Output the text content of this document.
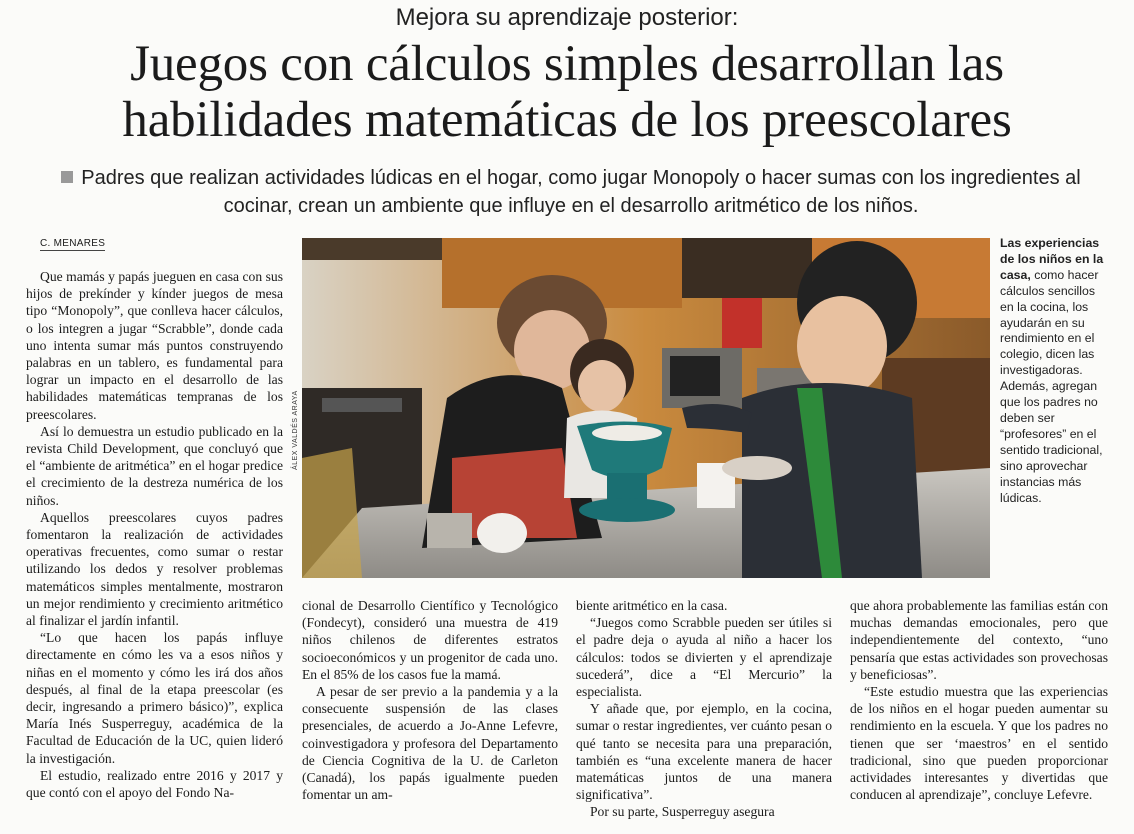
Mejora su aprendizaje posterior:
Juegos con cálculos simples desarrollan las
habilidades matemáticas de los preescolares
Padres que realizan actividades lúdicas en el hogar, como jugar Monopoly o hacer sumas con los ingredientes al cocinar, crean un ambiente que influye en el desarrollo aritmético de los niños.
C. MENARES

Que mamás y papás jueguen en casa con sus hijos de prekínder y kínder juegos de mesa tipo “Monopoly”, que conlleva hacer cálculos, o los integren a jugar “Scrabble”, donde cada uno intenta sumar más puntos construyendo palabras en un tablero, es fundamental para lograr un impacto en el desarrollo de las habilidades matemáticas tempranas de los preescolares.

Así lo demuestra un estudio publicado en la revista Child Development, que concluyó que el “ambiente de aritmética” en el hogar predice el crecimiento de la destreza numérica de los niños.

Aquellos preescolares cuyos padres fomentaron la realización de actividades operativas frecuentes, como sumar o restar utilizando los dedos y resolver problemas matemáticos simples mentalmente, mostraron un mejor rendimiento y crecimiento aritmético al finalizar el jardín infantil.

“Lo que hacen los papás influye directamente en cómo les va a esos niños y niñas en el momento y cómo les irá dos años después, al final de la etapa preescolar (es decir, ingresando a primero básico)”, explica María Inés Susperreguy, académica de la Facultad de Educación de la UC, quien lideró la investigación.

El estudio, realizado entre 2016 y 2017 y que contó con el apoyo del Fondo Na-

ÁLEX VALDÉS ARAYA
Las experiencias de los niños en la casa, como hacer cálculos sencillos en la cocina, los ayudarán en su rendimiento en el colegio, dicen las investigadoras. Además, agregan que los padres no deben ser “profesores” en el sentido tradicional, sino aprovechar instancias más lúdicas.

cional de Desarrollo Científico y Tecnológico (Fondecyt), consideró una muestra de 419 niños chilenos de diferentes estratos socioeconómicos y un progenitor de cada uno. En el 85% de los casos fue la mamá.

A pesar de ser previo a la pandemia y a la consecuente suspensión de las clases presenciales, de acuerdo a Jo-Anne Lefevre, coinvestigadora y profesora del Departamento de Ciencia Cognitiva de la U. de Carleton (Canadá), los papás igualmente pueden fomentar un am-

biente aritmético en la casa.

“Juegos como Scrabble pueden ser útiles si el padre deja o ayuda al niño a hacer los cálculos: todos se divierten y el aprendizaje sucederá”, dice a “El Mercurio” la especialista.

Y añade que, por ejemplo, en la cocina, sumar o restar ingredientes, ver cuánto pesan o qué tanto se necesita para una preparación, también es “una excelente manera de hacer matemáticas juntos de una manera significativa”.

Por su parte, Susperreguy asegura

que ahora probablemente las familias están con muchas demandas emocionales, pero que independientemente del contexto, “uno pensaría que estas actividades son provechosas y beneficiosas”.

“Este estudio muestra que las experiencias de los niños en el hogar pueden aumentar su rendimiento en la escuela. Y que los padres no tienen que ser ‘maestros’ en el sentido tradicional, sino que pueden proporcionar actividades interesantes y divertidas que conducen al aprendizaje”, concluye Lefevre.
